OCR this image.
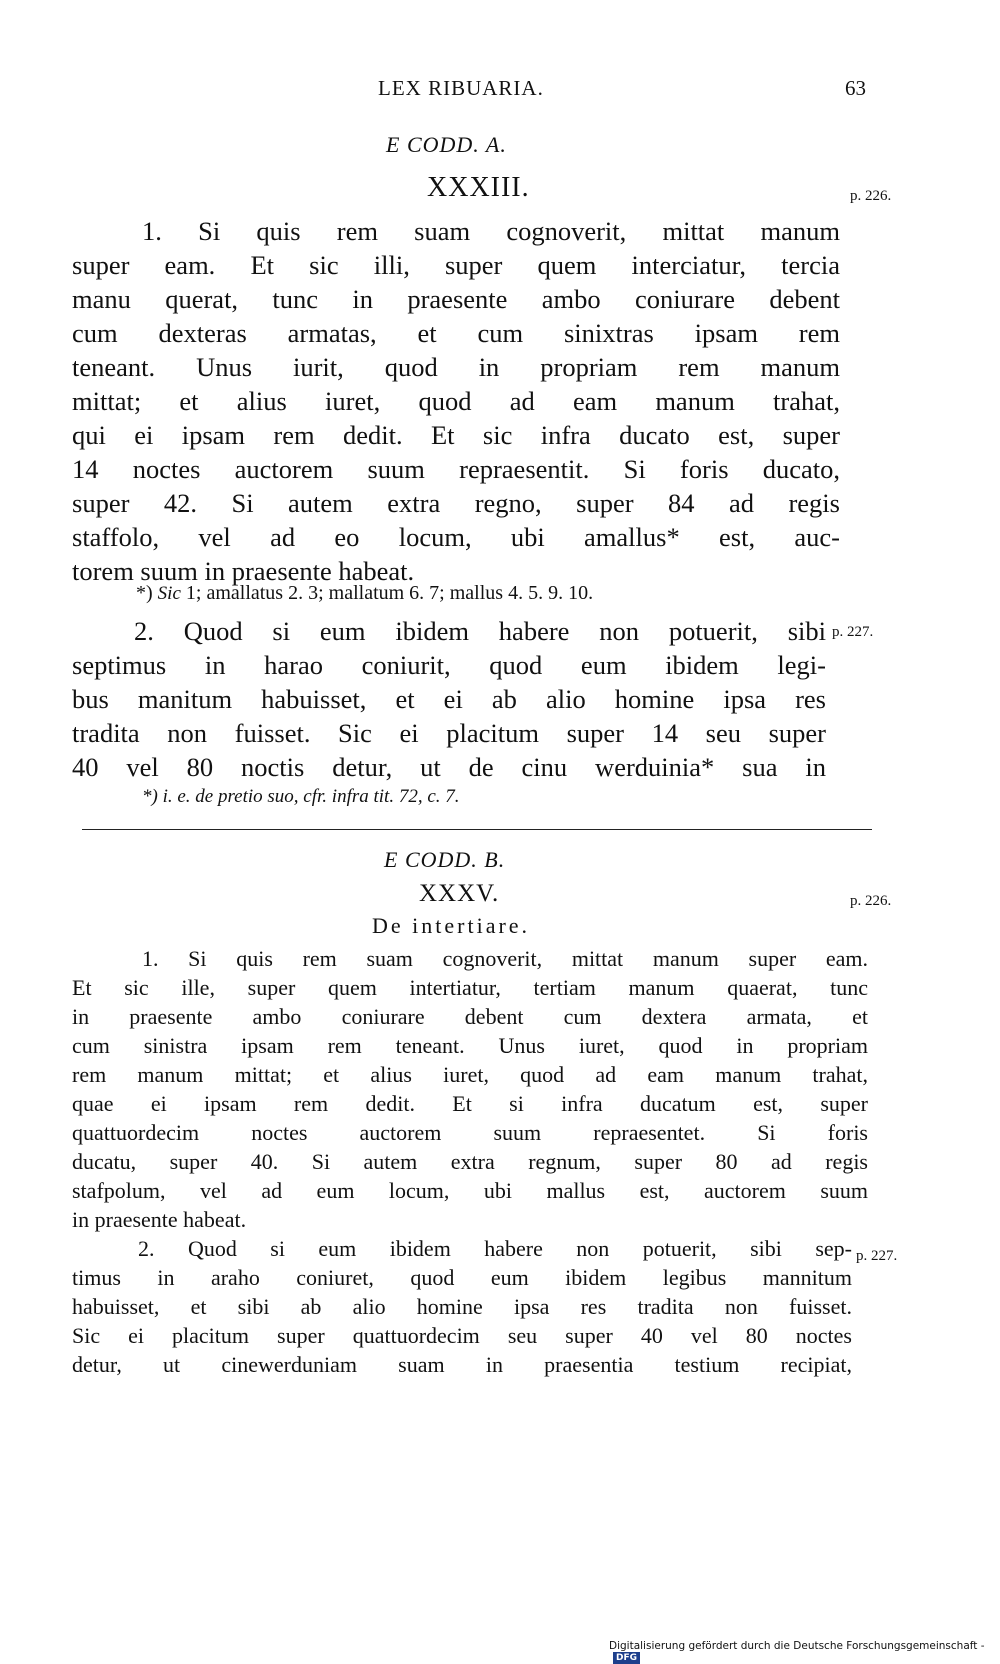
LEX RIBUARIA.	63
E CODD. A.
XXXIII.	p. 226.
1. Si quis rem suam cognoverit, mittat manum
super eam. Et sic illi, super quem interciatur, tercia
manu querat, tunc in praesente ambo coniurare debent
cum dexteras armatas, et cum sinixtras ipsam rem
teneant. Unus iurit, quod in propriam rem manum
mittat; et alius iuret, quod ad eam manum trahat,
qui ei ipsam rem dedit. Et sic infra ducato est, super
14 noctes auctorem suum repraesentit. Si foris ducato,
super 42. Si autem extra regno, super 84 ad regis
staffolo, vel ad eo locum, ubi amallus* est, auc-
torem suum in praesente habeat.
*) Sic 1; amallatus 2. 3; mallatum 6. 7; mallus 4. 5. 9. 10.
p. 227.
2. Quod si eum ibidem habere non potuerit, sibi
septimus in harao coniurit, quod eum ibidem legi-
bus manitum habuisset, et ei ab alio homine ipsa res
tradita non fuisset. Sic ei placitum super 14 seu super
40 vel 80 noctis detur, ut de cinu werduinia* sua in
*) i. e. de pretio suo, cfr. infra tit. 72, c. 7.
E CODD. B.
XXXV.	p. 226.
De intertiare.
1. Si quis rem suam cognoverit, mittat manum super eam.
Et sic ille, super quem intertiatur, tertiam manum quaerat, tunc
in praesente ambo coniurare debent cum dextera armata, et
cum sinistra ipsam rem teneant. Unus iuret, quod in propriam
rem manum mittat; et alius iuret, quod ad eam manum trahat,
quae ei ipsam rem dedit. Et si infra ducatum est, super
quattuordecim noctes auctorem suum repraesentet. Si foris
ducatu, super 40. Si autem extra regnum, super 80 ad regis
stafpolum, vel ad eum locum, ubi mallus est, auctorem suum
in praesente habeat.
p. 227.
2. Quod si eum ibidem habere non potuerit, sibi sep-
timus in araho coniuret, quod eum ibidem legibus mannitum
habuisset, et sibi ab alio homine ipsa res tradita non fuisset.
Sic ei placitum super quattuordecim seu super 40 vel 80 noctes
detur, ut cinewerduniam suam in praesentia testium recipiat,
Digitalisierung gefördert durch die Deutsche Forschungsgemeinschaft -DFG
